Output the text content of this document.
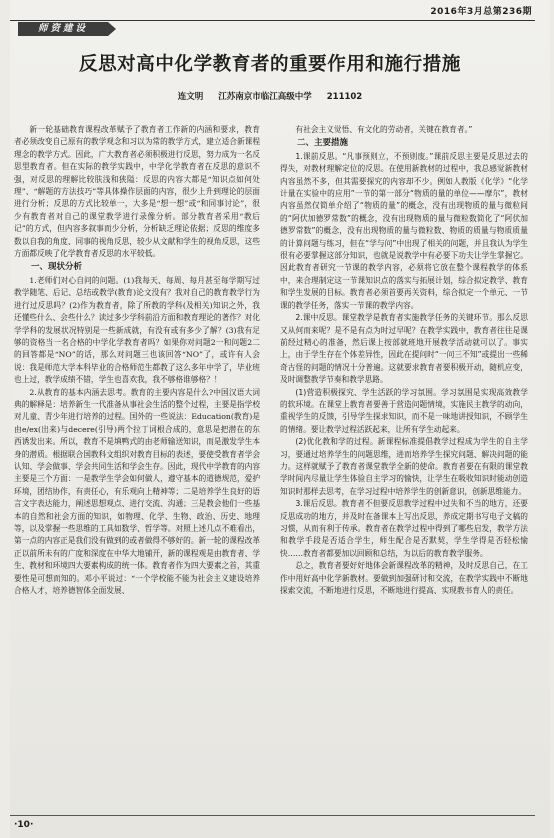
2016年3月总第236期
师资建设
反思对高中化学教育者的重要作用和施行措施
连文明 江苏南京市临江高级中学 211102

新一轮基础教育课程改革赋予了教育者工作新的内涵和要求，教育者必须改变自己原有的教学观念和习以为常的教学方式，建立适合新课程理念的教学方式。因此，广大教育者必须积极进行反思，努力成为一名反思型教育者。但在实际的教学实践中，中学化学教育者在反思的意识不强，对反思的理解比较肤浅和狭隘：反思的内容大都是“知识点如何处理”、“解题的方法技巧”等具体操作层面的内容，很少上升到理论的层面进行分析；反思的方式比较单一，大多是“想一想”或“和同事讨论”，很少有教育者对自己的课堂教学进行录像分析。部分教育者采用“教后记”的方式，但内容多叙事而少分析，分析缺乏理论依据；反思的维度多数以自我的角度、同事的视角反思，较少从文献和学生的视角反思，这些方面都反映了化学教育者反思的水平较低。

一、现状分析

1.老师们对心自问的问题。(1)我每天、每周、每月甚至每学期写过教学随笔、后记、总结或教学(教育)论文没有？我对自己的教育教学行为进行过反思吗？(2)作为教育者，除了所教的学科(及相关)知识之外，我还懂些什么、会些什么？读过多少学科前沿方面和教育理论的著作？对化学学科的发展状况特别是一些新成就，有没有或有多少了解？(3)我有足够的资格当一名合格的中学化学教育者吗？如果你对问题2一和问题2二的回答都是“NO”的话，那么对问题三也该回答“NO”了，或许有人会说：我是师范大学本科毕业的合格师范生都教了这么多年中学了，毕业班也上过，教学成绩不错，学生也喜欢我，我不够格谁够格？！

2.从教育的基本内涵去思考。教育的主要内容是什么?中国汉语大词典的解释是：培养新生一代准备从事社会生活的整个过程，主要是指学校对儿童、青少年进行培养的过程。国外的一些说法：Education(教育)是由e/ex(出来)与decere(引导)两个拉丁词根合成的，意思是把潜在的东西诱发出来。所以，教育不是填鸭式的由老师输送知识，而是激发学生本身的潜质。根据联合国教科文组织对教育目标的表述，要使受教育者学会认知、学会做事、学会共同生活和学会生存。因此，现代中学教育的内容主要是三个方面：一是教学生学会如何做人，遵守基本的道德规范，爱护环境，团结协作，有责任心，有乐观向上精神等；二是培养学生良好的语言文字表达能力，阐述思想观点、进行交流、沟通；三是教会他们一些基本的自然和社会方面的知识，如物理、化学、生物、政治、历史、地理等，以及掌握一些思维的工具如数学、哲学等。对照上述几点不难看出，第一点的内容正是我们没有做到的或者做得不够好的。新一轮的课程改革正以前所未有的广度和深度在中华大地铺开，新的课程观是由教育者、学生、教材和环境四大要素构成的统一体。教育者作为四大要素之首，其重要性是可想而知的。邓小平说过：“一个学校能不能为社会主义建设培养合格人才，培养德智体全面发展、

有社会主义觉悟、有文化的劳动者，关键在教育者。”

二、主要措施

1.课前反思。“凡事预则立，不预则废。”课前反思主要是反思过去的得失，对教材理解定位的反思。在使用新教材的过程中，我总感觉新教材内容虽然不多，但其需要探究的内容却不少。例如人教版《化学》“化学计量在实验中的应用”一节的第一部分“物质的量的单位——摩尔”，教材内容虽然仅简单介绍了“物质的量”的概念，没有出现物质的量与微粒间的“阿伏加德罗常数”的概念，没有出现物质的量与微粒数简化了“阿伏加德罗常数”的概念，没有出现物质的量与微粒数、物质的质量与物质质量的计算问题与练习，但在“学与问”中出现了相关的问题，并且我认为学生很有必要掌握这部分知识，也就是说教学中有必要下功夫让学生掌握它。因此教育者研究一节课的教学内容，必须将它放在整个课程教学的体系中，来合理制定这一节课知识点的落实与拓展计划，综合拟定教学、教育和学生发展的目标。教育者必须首要再关资料，综合拟定一个单元、一节课的教学任务，落实一节课的教学内容。

2.课中反思。课堂教学是教育者实施教学任务的关键环节。那么反思又从何而来呢？是不是有点为时过早呢？在教学实践中，教育者往往是课前经过精心的准备，然后课上按部就班地开展教学活动就可以了。事实上，由于学生存在个体差异性，因此在提问时“一问三不知”或提出一些稀奇古怪的问题的情况十分普遍。这就要求教育者要积极开动，随机应变，及时调整教学节奏和教学思路。

(1)营造积极探究、学生活跃的学习氛围。学习氛围是实现高效教学的软环境。在课堂上教育者要善于营造问题情境，实施民主教学的动向，重视学生的反馈，引导学生探求知识，而不是一味地讲授知识，不顾学生的情绪。要让教学过程活跃起来，让所有学生动起来。

(2)优化教和学的过程。新课程标准提倡教学过程成为学生的自主学习，要通过培养学生的问题思维，进而培养学生探究问题、解决问题的能力。这样就赋予了教育者课堂教学全新的使命。教育者要在有限的课堂教学时间内尽量让学生体验自主学习的愉快，让学生在吸收知识时能动创造知识时那样去思考，在学习过程中培养学生的创新意识，创新思维能力。

3.课后反思。教育者不但要反思教学过程中过失和不当的地方，还要反思成功的地方，并及时在备课本上写出反思，养成定期书写电子文稿的习惯，从而有利于传承。教育者在教学过程中得到了哪些启发，教学方法和教学手段是否适合学生，师生配合是否默契，学生学得是否轻松愉快……教育者都要加以回顾和总结，为以后的教育教学服务。

总之，教育者要好好地体会新课程改革的精神，及时反思自己，在工作中用好高中化学新教材。要做到加强研讨和交流，在教学实践中不断地探索交流，不断地进行反思，不断地进行提高、实现教书育人的责任。

·10·
